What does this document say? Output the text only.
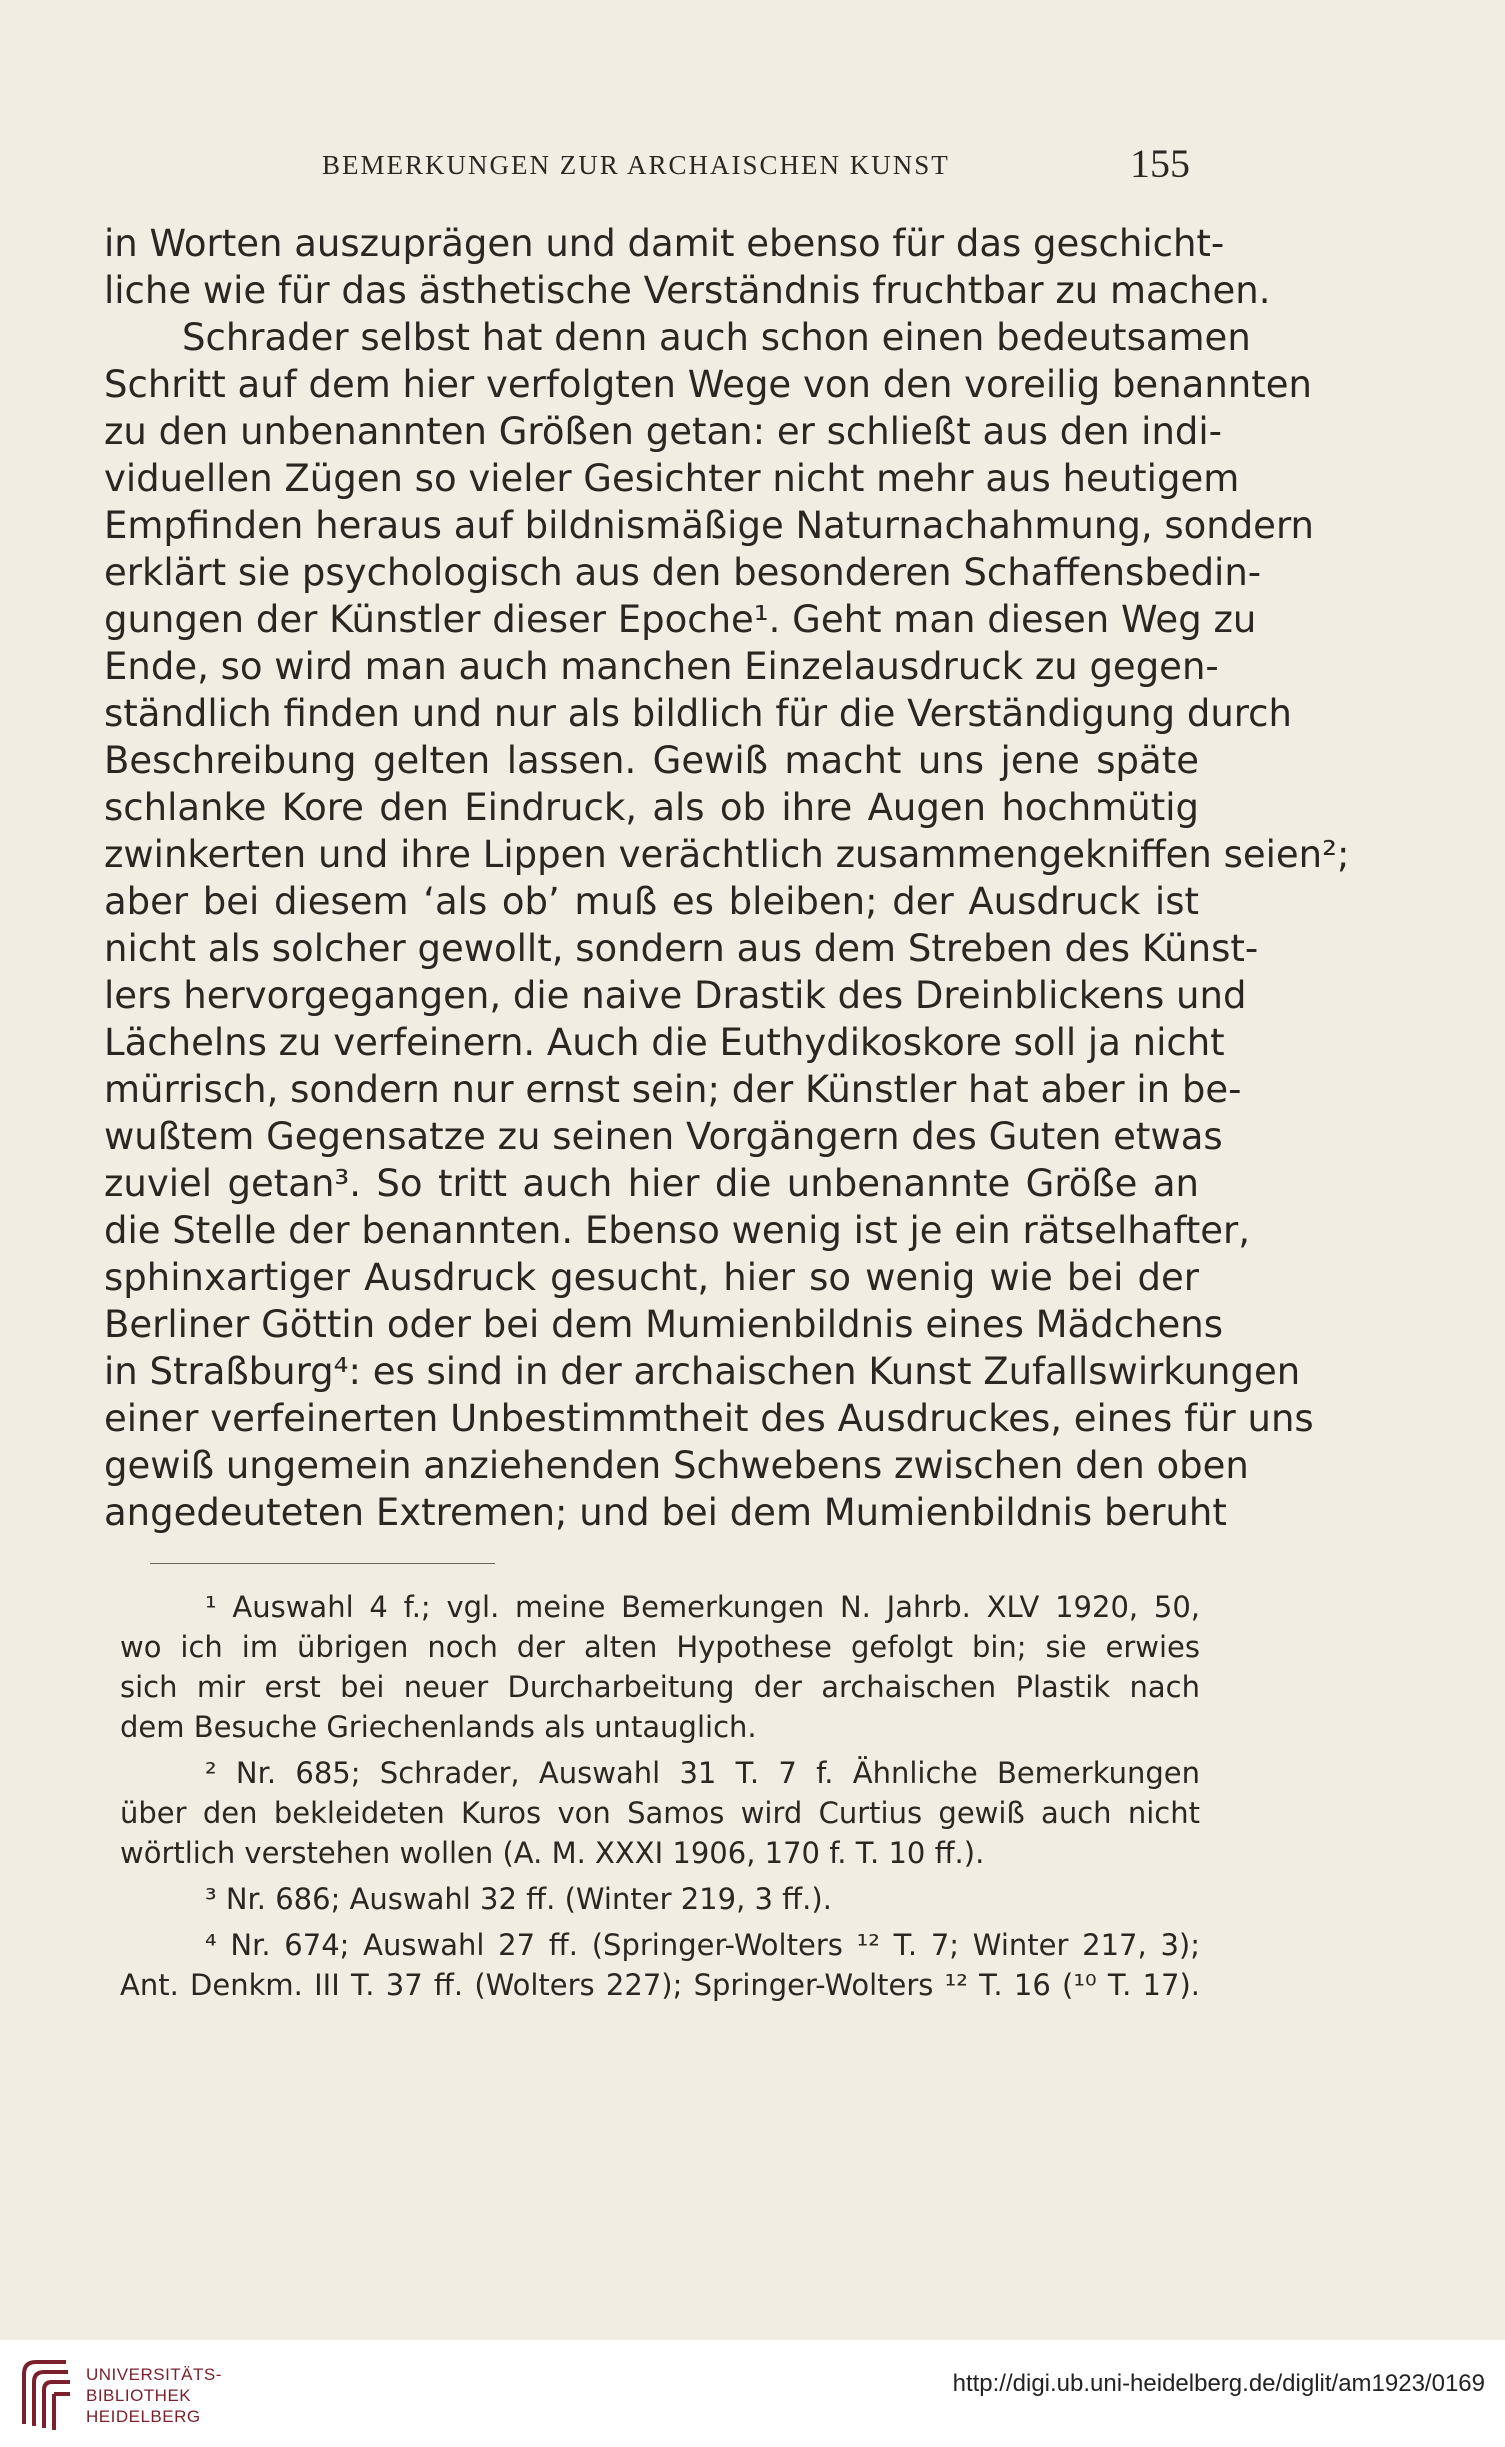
BEMERKUNGEN ZUR ARCHAISCHEN KUNST	155
in Worten auszuprägen und damit ebenso für das geschicht-
liche wie für das ästhetische Verständnis fruchtbar zu machen.
Schrader selbst hat denn auch schon einen bedeutsamen
Schritt auf dem hier verfolgten Wege von den voreilig benannten
zu den unbenannten Größen getan: er schließt aus den indi-
viduellen Zügen so vieler Gesichter nicht mehr aus heutigem
Empfinden heraus auf bildnismäßige Naturnachahmung, sondern
erklärt sie psychologisch aus den besonderen Schaffensbedin-
gungen der Künstler dieser Epoche¹. Geht man diesen Weg zu
Ende, so wird man auch manchen Einzelausdruck zu gegen-
ständlich finden und nur als bildlich für die Verständigung durch
Beschreibung gelten lassen. Gewiß macht uns jene späte
schlanke Kore den Eindruck, als ob ihre Augen hochmütig
zwinkerten und ihre Lippen verächtlich zusammengekniffen seien²;
aber bei diesem ‘als ob’ muß es bleiben; der Ausdruck ist
nicht als solcher gewollt, sondern aus dem Streben des Künst-
lers hervorgegangen, die naive Drastik des Dreinblickens und
Lächelns zu verfeinern. Auch die Euthydikoskore soll ja nicht
mürrisch, sondern nur ernst sein; der Künstler hat aber in be-
wußtem Gegensatze zu seinen Vorgängern des Guten etwas
zuviel getan³. So tritt auch hier die unbenannte Größe an
die Stelle der benannten. Ebenso wenig ist je ein rätselhafter,
sphinxartiger Ausdruck gesucht, hier so wenig wie bei der
Berliner Göttin oder bei dem Mumienbildnis eines Mädchens
in Straßburg⁴: es sind in der archaischen Kunst Zufallswirkungen
einer verfeinerten Unbestimmtheit des Ausdruckes, eines für uns
gewiß ungemein anziehenden Schwebens zwischen den oben
angedeuteten Extremen; und bei dem Mumienbildnis beruht
¹ Auswahl 4 f.; vgl. meine Bemerkungen N. Jahrb. XLV 1920, 50,
wo ich im übrigen noch der alten Hypothese gefolgt bin; sie erwies
sich mir erst bei neuer Durcharbeitung der archaischen Plastik nach
dem Besuche Griechenlands als untauglich.
² Nr. 685; Schrader, Auswahl 31 T. 7 f. Ähnliche Bemerkungen
über den bekleideten Kuros von Samos wird Curtius gewiß auch nicht
wörtlich verstehen wollen (A. M. XXXI 1906, 170 f. T. 10 ff.).
³ Nr. 686; Auswahl 32 ff. (Winter 219, 3 ff.).
⁴ Nr. 674; Auswahl 27 ff. (Springer-Wolters ¹² T. 7; Winter 217, 3);
Ant. Denkm. III T. 37 ff. (Wolters 227); Springer-Wolters ¹² T. 16 (¹⁰ T. 17).
UNIVERSITÄTS-
BIBLIOTHEK
HEIDELBERG
http://digi.ub.uni-heidelberg.de/diglit/am1923/0169
